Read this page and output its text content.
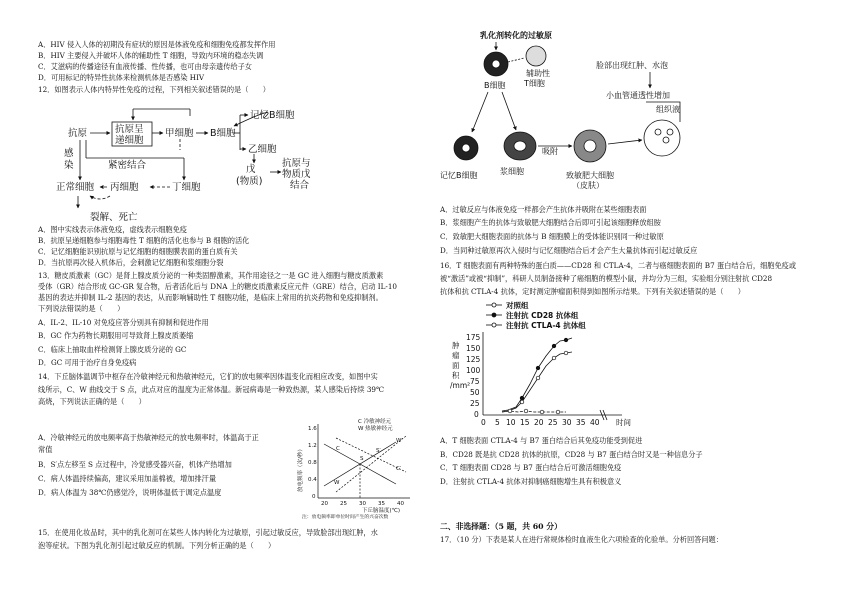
A．HIV 侵入人体的初期没有症状的原因是体液免疫和细胞免疫都发挥作用
B．HIV 主要侵入并破坏人体的辅助性 T 细胞，导致内环境的稳态失调
C．艾滋病的传播途径有血液传播、性传播，也可由母亲遗传给子女
D．可用标记的特异性抗体来检测机体是否感染 HIV
12．如图表示人体内特异性免疫的过程，下列相关叙述错误的是（　　）
抗原	抗原呈
递细胞
甲细胞 B细胞
记忆B细胞
乙细胞
戊
(物质)
抗原与
物质戊
结合
感
染	紧密结合
正常细胞 丙细胞	丁细胞
裂解、死亡
A．图中实线表示体液免疫，虚线表示细胞免疫
B．抗原呈递细胞参与细胞毒性 T 细胞的活化也参与 B 细胞的活化
C．记忆细胞能识别抗原与记忆细胞的细胞膜表面的蛋白质有关
D．当抗原再次侵入机体后，会刺激记忆细胞和浆细胞分裂
13．糖皮质激素（GC）是肾上腺皮质分泌的一种类固醇激素，其作用途径之一是 GC 进入细胞与糖皮质激素
受体（GR）结合形成 GC-GR 复合物，后者活化后与 DNA 上的糖皮质激素反应元件（GRE）结合，启动 IL-10
基因的表达并抑制 IL-2 基因的表达，从而影响辅助性 T 细胞功能，是临床上常用的抗炎药物和免疫抑制剂。
下列说法错误的是（　　）
A．IL-2、IL-10 对免疫应答分别具有抑制和促进作用
B．GC 作为药物长期服用可导致肾上腺皮质萎缩
C．临床上抽取血样检测肾上腺皮质分泌的 GC
D．GC 可用于治疗自身免疫病
14．下丘脑体温调节中枢存在冷敏神经元和热敏神经元，它们的放电频率因体温变化而相应改变，如图中实
线所示，C、W 曲线交于 S 点，此点对应的温度为正常体温。新冠病毒是一种致热源，某人感染后持续 39℃
高烧，下列说法正确的是（　　）
A．冷敏神经元的放电频率高于热敏神经元的放电频率时，体温高于正
常值
B．S′点左移至 S 点过程中，冷觉感受器兴奋，机体产热增加
C．病人体温持续偏高，建议采用加盖棉被，增加排汗量
D．病人体温为 38℃仍感觉冷，说明体温低于调定点温度
C 冷敏神经元
W 热敏神经元
放电频率（次/秒）
1.6
1.2
0.8
0.4
0
20 25 30 35 40
下丘脑温度(℃)
注：放电频率即单位时间产生的兴奋次数
C
W
S
S′
C′
W′
15．在使用化妆品时，其中的乳化剂可在某些人体内转化为过敏原，引起过敏反应，导致脸部出现红肿，水
泡等症状。下图为乳化剂引起过敏反应的机制。下列分析正确的是（　　）
乳化剂转化的过敏原
B细胞
辅助性
T细胞
脸部出现红肿、水泡
小血管通透性增加
组织液
记忆B细胞	浆细胞
吸附
致敏肥大细胞
（皮肤）
A．过敏反应与体液免疫一样都会产生抗体并吸附在某些细胞表面
B．浆细胞产生的抗体与致敏肥大细胞结合后即可引起该细胞释放组胺
C．致敏肥大细胞表面的抗体与 B 细胞膜上的受体能识别同一种过敏原
D．当同种过敏原再次入侵时与记忆细胞结合后才会产生大量抗体而引起过敏反应
16．T 细胞表面有两种特殊的蛋白质——CD28 和 CTLA-4，二者与癌细胞表面的 B7 蛋白结合后，细胞免疫或
被“激活”或被“抑制”，科研人员制备接种了癌细胞的模型小鼠，并均分为三组，实验组分别注射抗 CD28
抗体和抗 CTLA-4 抗体，定时测定肿瘤面积得到如图所示结果。下列有关叙述错误的是（　　）
对照组
注射抗 CD28 抗体组
注射抗 CTLA-4 抗体组
肿
瘤
面
积
/mm²
175
150
125
100
75
50
25
0
0 5 10 15 20 25 30 35 40 时间
A．T 细胞表面 CTLA-4 与 B7 蛋白结合后其免疫功能受到促进
B．CD28 既是抗 CD28 抗体的抗原，CD28 与 B7 蛋白结合时又是一种信息分子
C．T 细胞表面 CD28 与 B7 蛋白结合后可激活细胞免疫
D．注射抗 CTLA-4 抗体对抑制癌细胞增生具有积极意义
二、非选择题：（5 题，共 60 分）
17．（10 分）下表是某人在进行常规体检时血液生化六项检查的化验单。分析回答问题：
